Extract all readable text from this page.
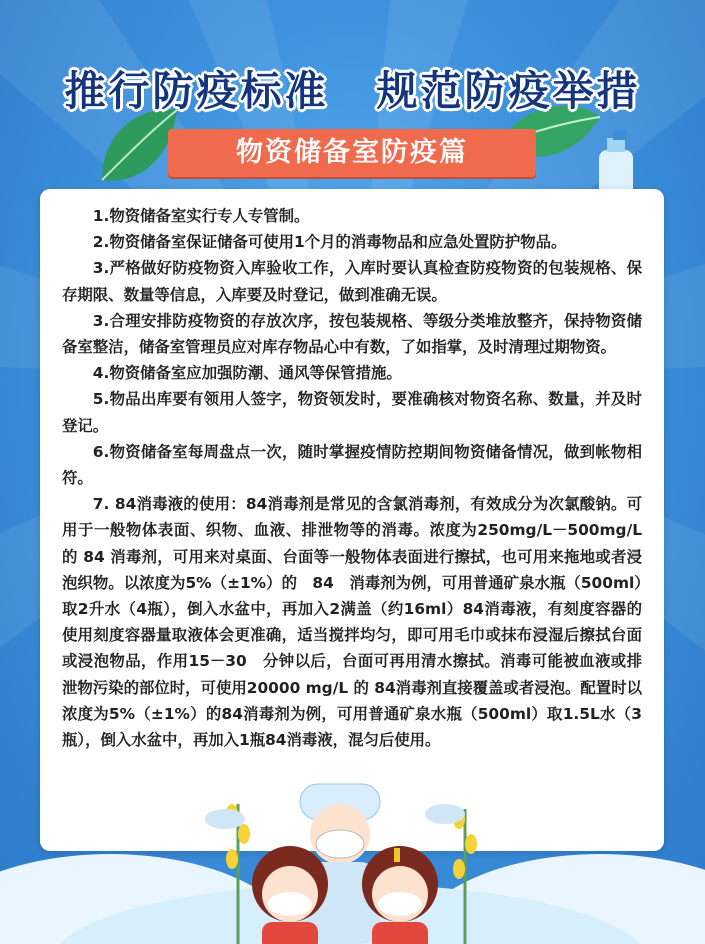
推行防疫标准 规范防疫举措
物资储备室防疫篇

1.物资储备室实行专人专管制。

2.物资储备室保证储备可使用1个月的消毒物品和应急处置防护物品。

3.严格做好防疫物资入库验收工作，入库时要认真检查防疫物资的包装规格、保存期限、数量等信息，入库要及时登记，做到准确无误。

3.合理安排防疫物资的存放次序，按包装规格、等级分类堆放整齐，保持物资储备室整洁，储备室管理员应对库存物品心中有数，了如指掌，及时清理过期物资。

4.物资储备室应加强防潮、通风等保管措施。

5.物品出库要有领用人签字，物资领发时，要准确核对物资名称、数量，并及时登记。

6.物资储备室每周盘点一次，随时掌握疫情防控期间物资储备情况，做到帐物相符。

7. 84消毒液的使用：84消毒剂是常见的含氯消毒剂，有效成分为次氯酸钠。可用于一般物体表面、织物、血液、排泄物等的消毒。浓度为250mg/L－500mg/L 的 84 消毒剂，可用来对桌面、台面等一般物体表面进行擦拭，也可用来拖地或者浸泡织物。以浓度为5%（±1%）的　84　消毒剂为例，可用普通矿泉水瓶（500ml）取2升水（4瓶），倒入水盆中，再加入2满盖（约16ml）84消毒液，有刻度容器的使用刻度容器量取液体会更准确，适当搅拌均匀，即可用毛巾或抹布浸湿后擦拭台面或浸泡物品，作用15－30　分钟以后，台面可再用清水擦拭。消毒可能被血液或排泄物污染的部位时，可使用20000 mg/L 的 84消毒剂直接覆盖或者浸泡。配置时以浓度为5%（±1%）的84消毒剂为例，可用普通矿泉水瓶（500ml）取1.5L水（3瓶），倒入水盆中，再加入1瓶84消毒液，混匀后使用。
